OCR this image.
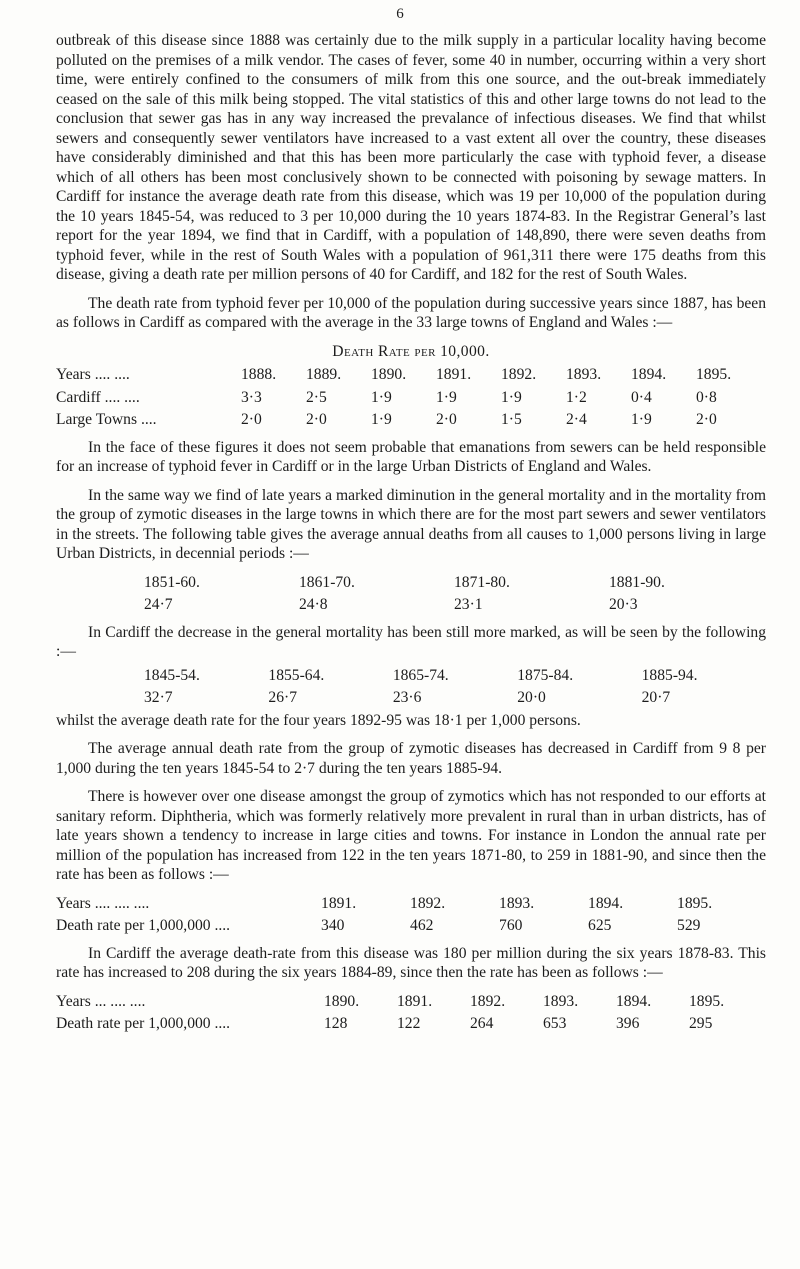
6

outbreak of this disease since 1888 was certainly due to the milk supply in a particular locality having become polluted on the premises of a milk vendor. The cases of fever, some 40 in number, occurring within a very short time, were entirely confined to the consumers of milk from this one source, and the out-break immediately ceased on the sale of this milk being stopped. The vital statistics of this and other large towns do not lead to the conclusion that sewer gas has in any way increased the prevalance of infectious diseases. We find that whilst sewers and consequently sewer ventilators have increased to a vast extent all over the country, these diseases have considerably diminished and that this has been more particularly the case with typhoid fever, a disease which of all others has been most conclusively shown to be connected with poisoning by sewage matters. In Cardiff for instance the average death rate from this disease, which was 19 per 10,000 of the population during the 10 years 1845-54, was reduced to 3 per 10,000 during the 10 years 1874-83. In the Registrar General’s last report for the year 1894, we find that in Cardiff, with a population of 148,890, there were seven deaths from typhoid fever, while in the rest of South Wales with a population of 961,311 there were 175 deaths from this disease, giving a death rate per million persons of 40 for Cardiff, and 182 for the rest of South Wales.

The death rate from typhoid fever per 10,000 of the population during successive years since 1887, has been as follows in Cardiff as compared with the average in the 33 large towns of England and Wales :—

Death Rate per 10,000.
Years .... ....	1888.	1889.	1890.	1891.	1892.	1893.	1894.	1895.
Cardiff .... ....	3·3	2·5	1·9	1·9	1·9	1·2	0·4	0·8
Large Towns ....	2·0	2·0	1·9	2·0	1·5	2·4	1·9	2·0

In the face of these figures it does not seem probable that emanations from sewers can be held responsible for an increase of typhoid fever in Cardiff or in the large Urban Districts of England and Wales.

In the same way we find of late years a marked diminution in the general mortality and in the mortality from the group of zymotic diseases in the large towns in which there are for the most part sewers and sewer ventilators in the streets. The following table gives the average annual deaths from all causes to 1,000 persons living in large Urban Districts, in decennial periods :—

1851-60.	1861-70.	1871-80.	1881-90.
24·7	24·8	23·1	20·3

In Cardiff the decrease in the general mortality has been still more marked, as will be seen by the following :—

1845-54.	1855-64.	1865-74.	1875-84.	1885-94.
32·7	26·7	23·6	20·0	20·7

whilst the average death rate for the four years 1892-95 was 18·1 per 1,000 persons.

The average annual death rate from the group of zymotic diseases has decreased in Cardiff from 9 8 per 1,000 during the ten years 1845-54 to 2·7 during the ten years 1885-94.

There is however over one disease amongst the group of zymotics which has not responded to our efforts at sanitary reform. Diphtheria, which was formerly relatively more prevalent in rural than in urban districts, has of late years shown a tendency to increase in large cities and towns. For instance in London the annual rate per million of the population has increased from 122 in the ten years 1871-80, to 259 in 1881-90, and since then the rate has been as follows :—

Years .... .... ....	1891.	1892.	1893.	1894.	1895.
Death rate per 1,000,000 ....	340	462	760	625	529

In Cardiff the average death-rate from this disease was 180 per million during the six years 1878-83. This rate has increased to 208 during the six years 1884-89, since then the rate has been as follows :—

Years ... .... ....	1890.	1891.	1892.	1893.	1894.	1895.
Death rate per 1,000,000 ....	128	122	264	653	396	295
